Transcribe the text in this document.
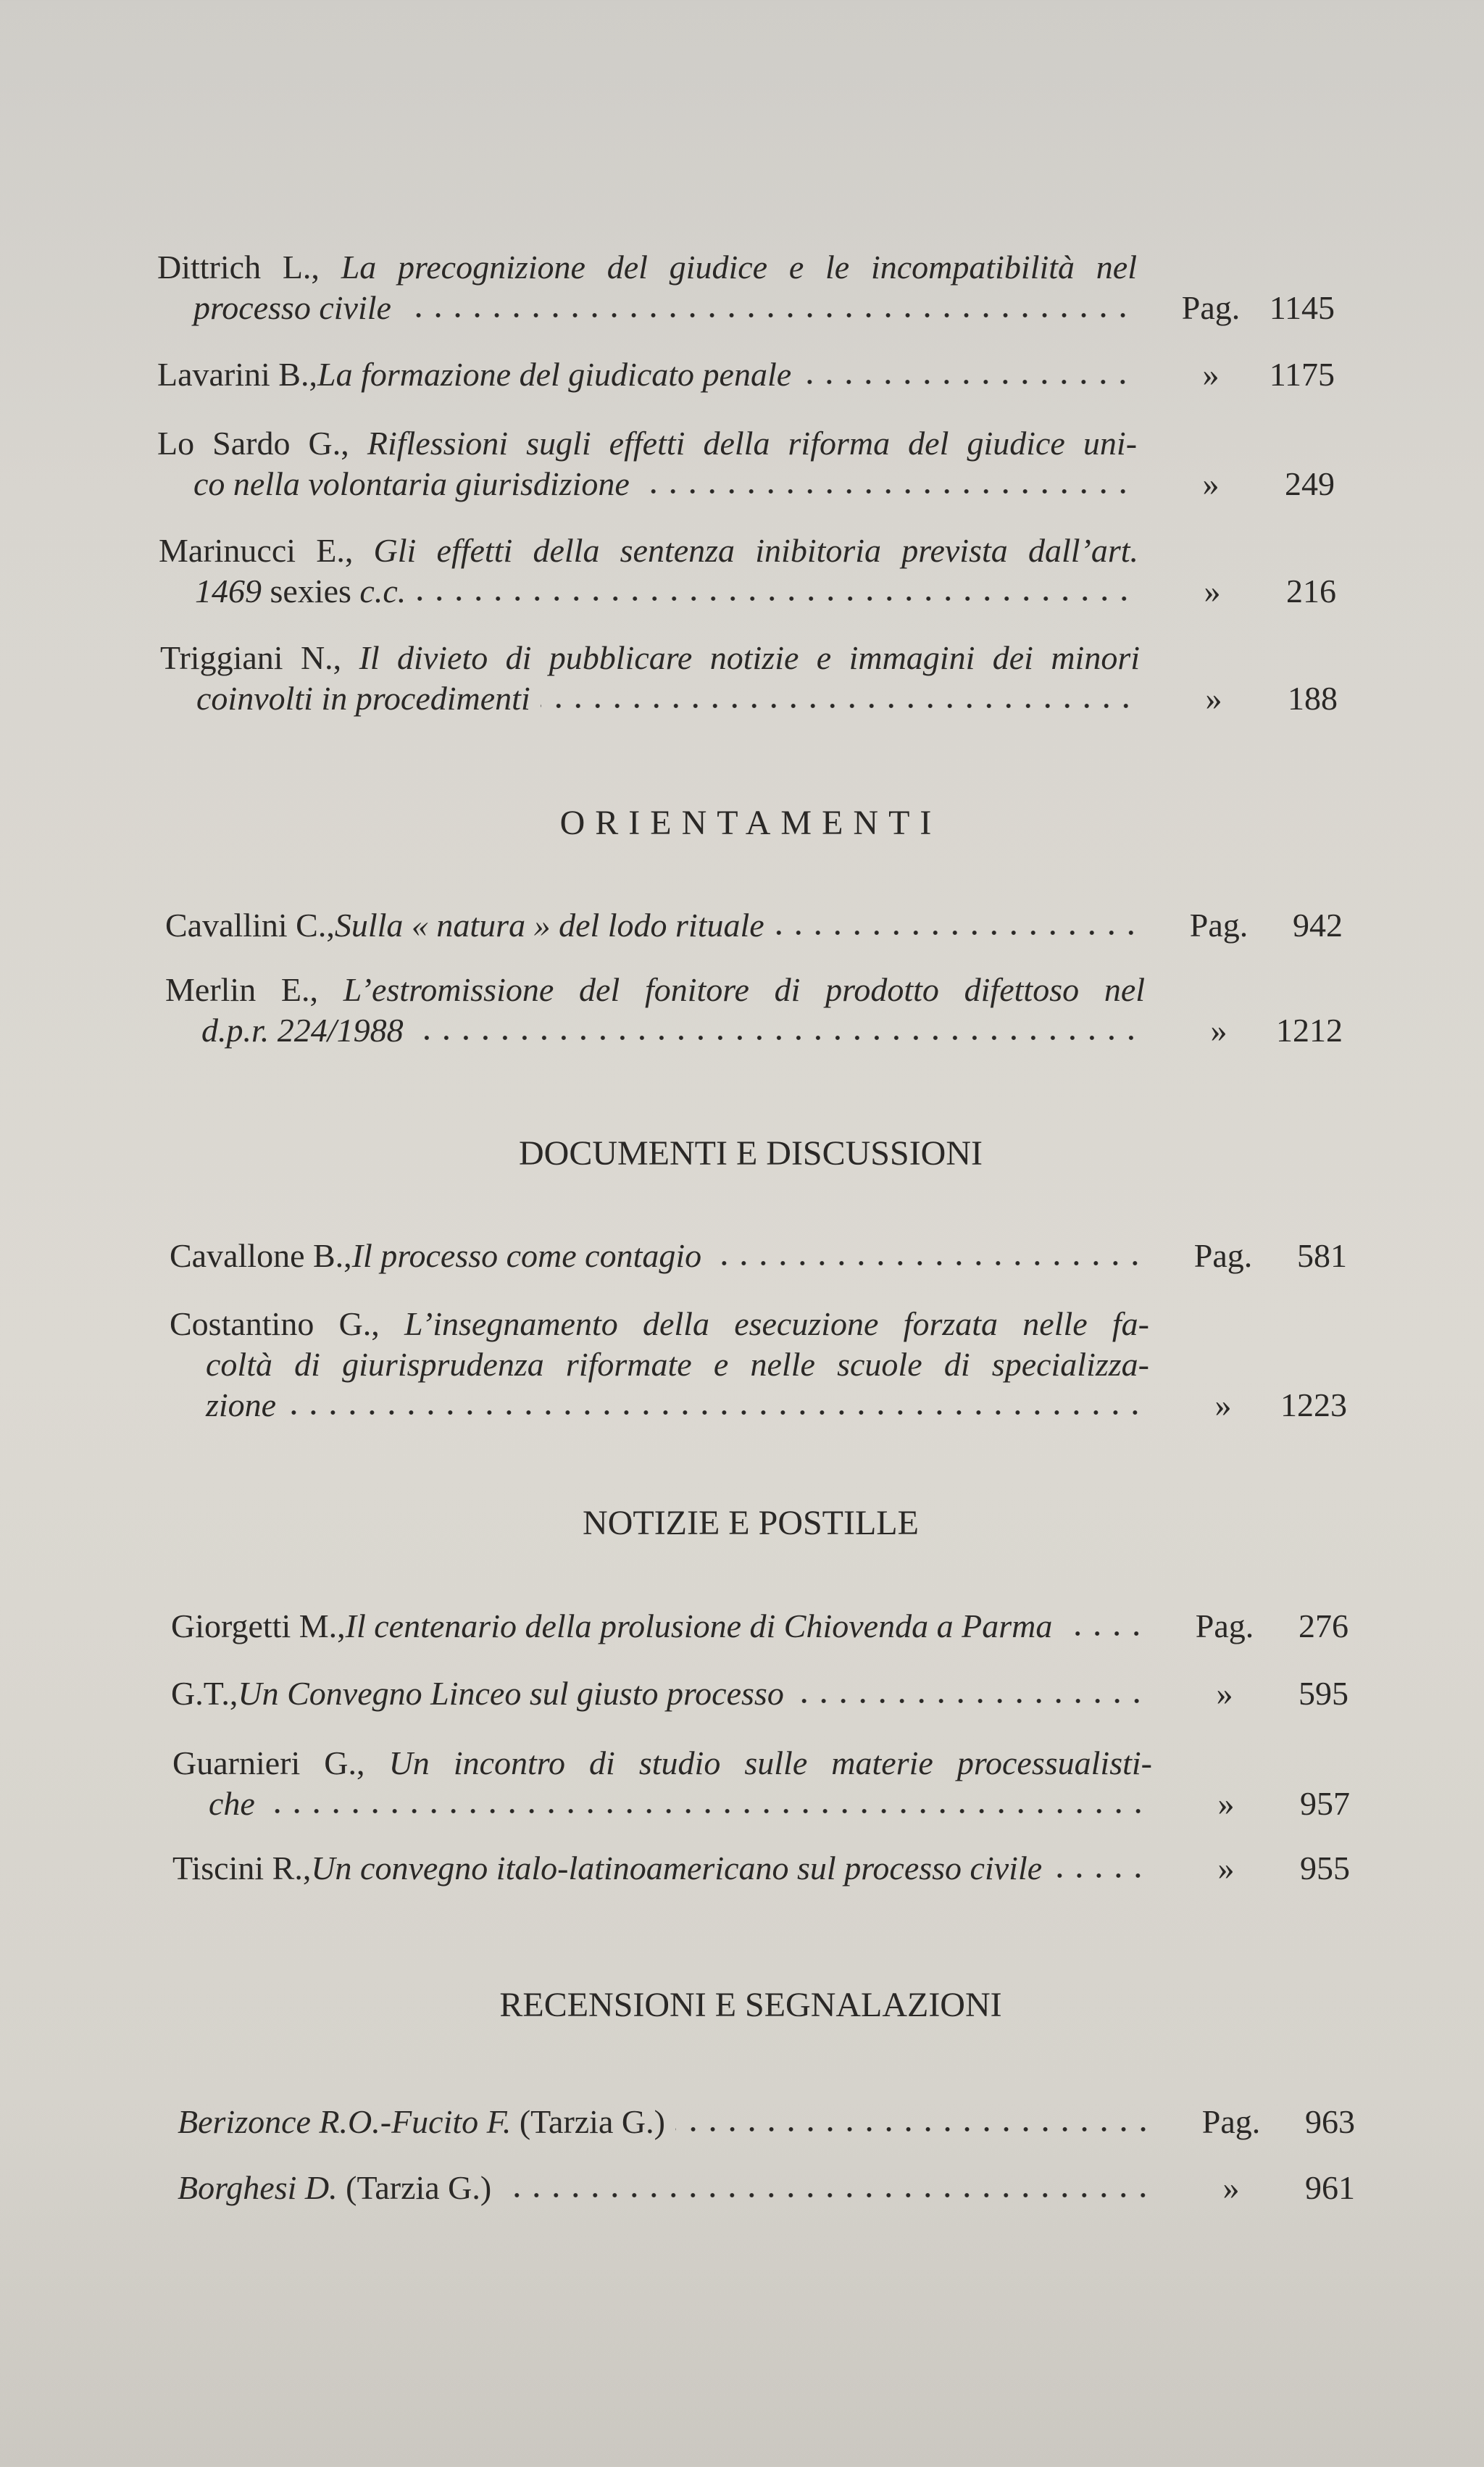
Dittrich L., La precognizione del giudice e le incompatibilità nel
processo civile	Pag. 1145
Lavarini B., La formazione del giudicato penale	»	1175
Lo Sardo G., Riflessioni sugli effetti della riforma del giudice uni-
co nella volontaria giurisdizione	»	249
Marinucci E., Gli effetti della sentenza inibitoria prevista dall’art.
1469 sexies c.c.	»	216
Triggiani N., Il divieto di pubblicare notizie e immagini dei minori
coinvolti in procedimenti	»	188
ORIENTAMENTI
Cavallini C., Sulla « natura » del lodo rituale	Pag. 942
Merlin E., L’estromissione del fonitore di prodotto difettoso nel
d.p.r. 224/1988	»	1212
DOCUMENTI E DISCUSSIONI
Cavallone B., Il processo come contagio	Pag. 581
Costantino G., L’insegnamento della esecuzione forzata nelle fa-
coltà di giurisprudenza riformate e nelle scuole di specializza-
zione	»	1223
NOTIZIE E POSTILLE
Giorgetti M., Il centenario della prolusione di Chiovenda a Parma	Pag. 276
G.T., Un Convegno Linceo sul giusto processo	»	595
Guarnieri G., Un incontro di studio sulle materie processualisti-
che	»	957
Tiscini R., Un convegno italo-latinoamericano sul processo civile	»	955
RECENSIONI E SEGNALAZIONI
Berizonce R.O.-Fucito F. (Tarzia G.)	Pag. 963
Borghesi D. (Tarzia G.)	»	961
